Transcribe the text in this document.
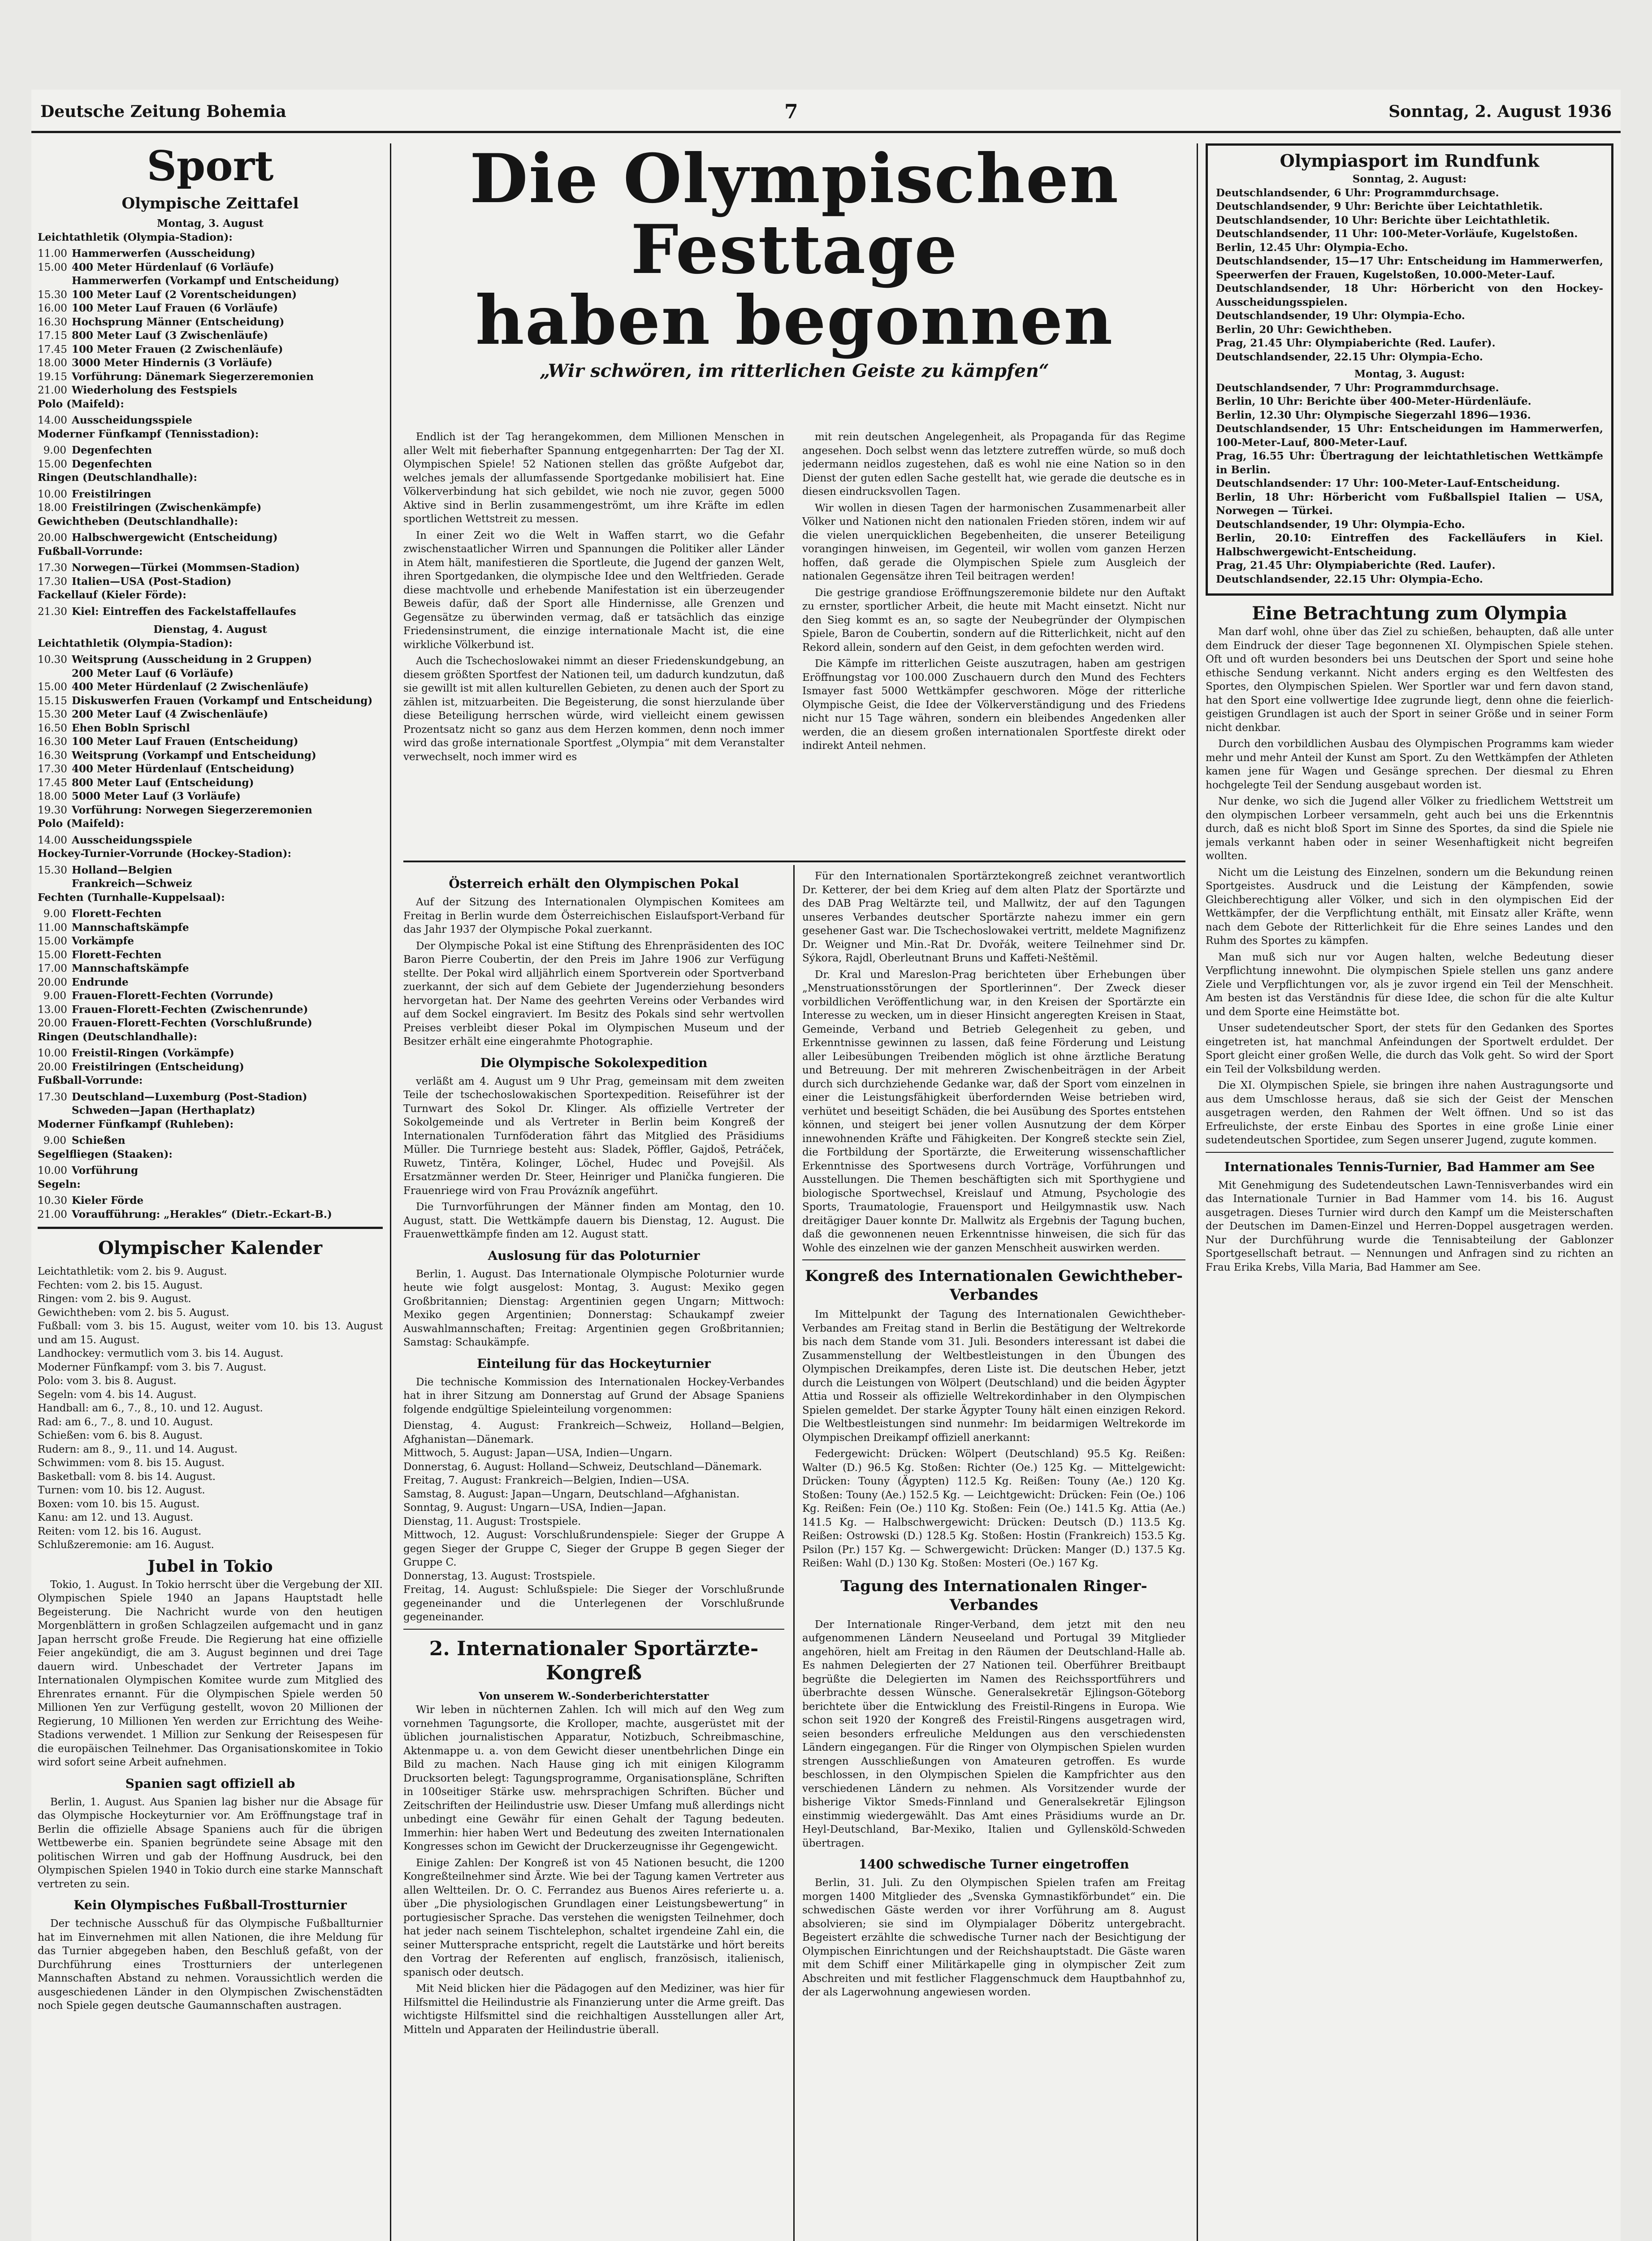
Deutsche Zeitung Bohemia	7	Sonntag, 2. August 1936
Sport
Olympische Zeittafel
Montag, 3. August

Leichtathletik (Olympia-Stadion):

11.00 Hammerwerfen (Ausscheidung)
15.00 400 Meter Hürdenlauf (6 Vorläufe)
Hammerwerfen (Vorkampf und Entscheidung)
15.30 100 Meter Lauf (2 Vorentscheidungen)
16.00 100 Meter Lauf Frauen (6 Vorläufe)
16.30 Hochsprung Männer (Entscheidung)
17.15 800 Meter Lauf (3 Zwischenläufe)
17.45 100 Meter Frauen (2 Zwischenläufe)
18.00 3000 Meter Hindernis (3 Vorläufe)
19.15 Vorführung: Dänemark Siegerzeremonien
21.00 Wiederholung des Festspiels

Polo (Maifeld):

14.00 Ausscheidungsspiele

Moderner Fünfkampf (Tennisstadion):

9.00 Degenfechten
15.00 Degenfechten

Ringen (Deutschlandhalle):

10.00 Freistilringen
18.00 Freistilringen (Zwischenkämpfe)

Gewichtheben (Deutschlandhalle):

20.00 Halbschwergewicht (Entscheidung)

Fußball-Vorrunde:

17.30 Norwegen—Türkei (Mommsen-Stadion)
17.30 Italien—USA (Post-Stadion)

Fackellauf (Kieler Förde):

21.30 Kiel: Eintreffen des Fackelstaffellaufes
Dienstag, 4. August

Leichtathletik (Olympia-Stadion):

10.30 Weitsprung (Ausscheidung in 2 Gruppen)
200 Meter Lauf (6 Vorläufe)
15.00 400 Meter Hürdenlauf (2 Zwischenläufe)
15.15 Diskuswerfen Frauen (Vorkampf und Entscheidung)
15.30 200 Meter Lauf (4 Zwischenläufe)
16.50 Ehen Bobln Sprischl
16.30 100 Meter Lauf Frauen (Entscheidung)
16.30 Weitsprung (Vorkampf und Entscheidung)
17.30 400 Meter Hürdenlauf (Entscheidung)
17.45 800 Meter Lauf (Entscheidung)
18.00 5000 Meter Lauf (3 Vorläufe)
19.30 Vorführung: Norwegen Siegerzeremonien

Polo (Maifeld):

14.00 Ausscheidungsspiele

Hockey-Turnier-Vorrunde (Hockey-Stadion):

15.30 Holland—Belgien
Frankreich—Schweiz

Fechten (Turnhalle-Kuppelsaal):

9.00 Florett-Fechten
11.00 Mannschaftskämpfe
15.00 Vorkämpfe
15.00 Florett-Fechten
17.00 Mannschaftskämpfe
20.00 Endrunde
9.00 Frauen-Florett-Fechten (Vorrunde)
13.00 Frauen-Florett-Fechten (Zwischenrunde)
20.00 Frauen-Florett-Fechten (Vorschlußrunde)

Ringen (Deutschlandhalle):

10.00 Freistil-Ringen (Vorkämpfe)
20.00 Freistilringen (Entscheidung)

Fußball-Vorrunde:

17.30 Deutschland—Luxemburg (Post-Stadion)
Schweden—Japan (Herthaplatz)

Moderner Fünfkampf (Ruhleben):

9.00 Schießen

Segelfliegen (Staaken):

10.00 Vorführung

Segeln:

10.30 Kieler Förde
21.00 Voraufführung: „Herakles“ (Dietr.-Eckart-B.)
Olympischer Kalender

Leichtathletik: vom 2. bis 9. August.

Fechten: vom 2. bis 15. August.

Ringen: vom 2. bis 9. August.

Gewichtheben: vom 2. bis 5. August.

Fußball: vom 3. bis 15. August, weiter vom 10. bis 13. August und am 15. August.

Landhockey: vermutlich vom 3. bis 14. August.

Moderner Fünfkampf: vom 3. bis 7. August.

Polo: vom 3. bis 8. August.

Segeln: vom 4. bis 14. August.

Handball: am 6., 7., 8., 10. und 12. August.

Rad: am 6., 7., 8. und 10. August.

Schießen: vom 6. bis 8. August.

Rudern: am 8., 9., 11. und 14. August.

Schwimmen: vom 8. bis 15. August.

Basketball: vom 8. bis 14. August.

Turnen: vom 10. bis 12. August.

Boxen: vom 10. bis 15. August.

Kanu: am 12. und 13. August.

Reiten: vom 12. bis 16. August.

Schlußzeremonie: am 16. August.

Jubel in Tokio

Tokio, 1. August. In Tokio herrscht über die Vergebung der XII. Olympischen Spiele 1940 an Japans Hauptstadt helle Begeisterung. Die Nachricht wurde von den heutigen Morgenblättern in großen Schlagzeilen aufgemacht und in ganz Japan herrscht große Freude. Die Regierung hat eine offizielle Feier angekündigt, die am 3. August beginnen und drei Tage dauern wird. Unbeschadet der Vertreter Japans im Internationalen Olympischen Komitee wurde zum Mitglied des Ehrenrates ernannt. Für die Olympischen Spiele werden 50 Millionen Yen zur Verfügung gestellt, wovon 20 Millionen der Regierung, 10 Millionen Yen werden zur Errichtung des Weihe-Stadions verwendet. 1 Million zur Senkung der Reisespesen für die europäischen Teilnehmer. Das Organisationskomitee in Tokio wird sofort seine Arbeit aufnehmen.

Spanien sagt offiziell ab

Berlin, 1. August. Aus Spanien lag bisher nur die Absage für das Olympische Hockeyturnier vor. Am Eröffnungstage traf in Berlin die offizielle Absage Spaniens auch für die übrigen Wettbewerbe ein. Spanien begründete seine Absage mit den politischen Wirren und gab der Hoffnung Ausdruck, bei den Olympischen Spielen 1940 in Tokio durch eine starke Mannschaft vertreten zu sein.

Kein Olympisches Fußball-Trostturnier

Der technische Ausschuß für das Olympische Fußballturnier hat im Einvernehmen mit allen Nationen, die ihre Meldung für das Turnier abgegeben haben, den Beschluß gefaßt, von der Durchführung eines Trostturniers der unterlegenen Mannschaften Abstand zu nehmen. Voraussichtlich werden die ausgeschiedenen Länder in den Olympischen Zwischenstädten noch Spiele gegen deutsche Gaumannschaften austragen.

Die Olympischen Festtage
haben begonnen
„Wir schwören, im ritterlichen Geiste zu kämpfen“

Endlich ist der Tag herangekommen, dem Millionen Menschen in aller Welt mit fieberhafter Spannung entgegenharrten: Der Tag der XI. Olympischen Spiele! 52 Nationen stellen das größte Aufgebot dar, welches jemals der allumfassende Sportgedanke mobilisiert hat. Eine Völkerverbindung hat sich gebildet, wie noch nie zuvor, gegen 5000 Aktive sind in Berlin zusammengeströmt, um ihre Kräfte im edlen sportlichen Wettstreit zu messen.

In einer Zeit wo die Welt in Waffen starrt, wo die Gefahr zwischenstaatlicher Wirren und Spannungen die Politiker aller Länder in Atem hält, manifestieren die Sportleute, die Jugend der ganzen Welt, ihren Sportgedanken, die olympische Idee und den Weltfrieden. Gerade diese machtvolle und erhebende Manifestation ist ein überzeugender Beweis dafür, daß der Sport alle Hindernisse, alle Grenzen und Gegensätze zu überwinden vermag, daß er tatsächlich das einzige Friedensinstrument, die einzige internationale Macht ist, die eine wirkliche Völkerbund ist.

Auch die Tschechoslowakei nimmt an dieser Friedenskundgebung, an diesem größten Sportfest der Nationen teil, um dadurch kundzutun, daß sie gewillt ist mit allen kulturellen Gebieten, zu denen auch der Sport zu zählen ist, mitzuarbeiten. Die Begeisterung, die sonst hierzulande über diese Beteiligung herrschen würde, wird vielleicht einem gewissen Prozentsatz nicht so ganz aus dem Herzen kommen, denn noch immer wird das große internationale Sportfest „Olympia“ mit dem Veranstalter verwechselt, noch immer wird es

mit rein deutschen Angelegenheit, als Propaganda für das Regime angesehen. Doch selbst wenn das letztere zutreffen würde, so muß doch jedermann neidlos zugestehen, daß es wohl nie eine Nation so in den Dienst der guten edlen Sache gestellt hat, wie gerade die deutsche es in diesen eindrucksvollen Tagen.

Wir wollen in diesen Tagen der harmonischen Zusammenarbeit aller Völker und Nationen nicht den nationalen Frieden stören, indem wir auf die vielen unerquicklichen Begebenheiten, die unserer Beteiligung vorangingen hinweisen, im Gegenteil, wir wollen vom ganzen Herzen hoffen, daß gerade die Olympischen Spiele zum Ausgleich der nationalen Gegensätze ihren Teil beitragen werden!

Die gestrige grandiose Eröffnungszeremonie bildete nur den Auftakt zu ernster, sportlicher Arbeit, die heute mit Macht einsetzt. Nicht nur den Sieg kommt es an, so sagte der Neubegründer der Olympischen Spiele, Baron de Coubertin, sondern auf die Ritterlichkeit, nicht auf den Rekord allein, sondern auf den Geist, in dem gefochten werden wird.

Die Kämpfe im ritterlichen Geiste auszutragen, haben am gestrigen Eröffnungstag vor 100.000 Zuschauern durch den Mund des Fechters Ismayer fast 5000 Wettkämpfer geschworen. Möge der ritterliche Olympische Geist, die Idee der Völkerverständigung und des Friedens nicht nur 15 Tage währen, sondern ein bleibendes Angedenken aller werden, die an diesem großen internationalen Sportfeste direkt oder indirekt Anteil nehmen.

Österreich erhält den Olympischen Pokal

Auf der Sitzung des Internationalen Olympischen Komitees am Freitag in Berlin wurde dem Österreichischen Eislaufsport-Verband für das Jahr 1937 der Olympische Pokal zuerkannt.

Der Olympische Pokal ist eine Stiftung des Ehrenpräsidenten des IOC Baron Pierre Coubertin, der den Preis im Jahre 1906 zur Verfügung stellte. Der Pokal wird alljährlich einem Sportverein oder Sportverband zuerkannt, der sich auf dem Gebiete der Jugenderziehung besonders hervorgetan hat. Der Name des geehrten Vereins oder Verbandes wird auf dem Sockel eingraviert. Im Besitz des Pokals sind sehr wertvollen Preises verbleibt dieser Pokal im Olympischen Museum und der Besitzer erhält eine eingerahmte Photographie.

Die Olympische Sokolexpedition

verläßt am 4. August um 9 Uhr Prag, gemeinsam mit dem zweiten Teile der tschechoslowakischen Sportexpedition. Reiseführer ist der Turnwart des Sokol Dr. Klinger. Als offizielle Vertreter der Sokolgemeinde und als Vertreter in Berlin beim Kongreß der Internationalen Turnföderation fährt das Mitglied des Präsidiums Müller. Die Turnriege besteht aus: Sladek, Pöffler, Gajdoš, Petráček, Ruwetz, Tintěra, Kolinger, Löchel, Hudec und Povejšil. Als Ersatzmänner werden Dr. Steer, Heinriger und Planička fungieren. Die Frauenriege wird von Frau Provázník angeführt.

Die Turnvorführungen der Männer finden am Montag, den 10. August, statt. Die Wettkämpfe dauern bis Dienstag, 12. August. Die Frauenwettkämpfe finden am 12. August statt.

Auslosung für das Poloturnier

Berlin, 1. August. Das Internationale Olympische Poloturnier wurde heute wie folgt ausgelost: Montag, 3. August: Mexiko gegen Großbritannien; Dienstag: Argentinien gegen Ungarn; Mittwoch: Mexiko gegen Argentinien; Donnerstag: Schaukampf zweier Auswahlmannschaften; Freitag: Argentinien gegen Großbritannien; Samstag: Schaukämpfe.

Einteilung für das Hockeyturnier

Die technische Kommission des Internationalen Hockey-Verbandes hat in ihrer Sitzung am Donnerstag auf Grund der Absage Spaniens folgende endgültige Spieleinteilung vorgenommen:

Dienstag, 4. August: Frankreich—Schweiz, Holland—Belgien, Afghanistan—Dänemark.

Mittwoch, 5. August: Japan—USA, Indien—Ungarn.

Donnerstag, 6. August: Holland—Schweiz, Deutschland—Dänemark.

Freitag, 7. August: Frankreich—Belgien, Indien—USA.

Samstag, 8. August: Japan—Ungarn, Deutschland—Afghanistan.

Sonntag, 9. August: Ungarn—USA, Indien—Japan.

Dienstag, 11. August: Trostspiele.

Mittwoch, 12. August: Vorschlußrundenspiele: Sieger der Gruppe A gegen Sieger der Gruppe C, Sieger der Gruppe B gegen Sieger der Gruppe C.

Donnerstag, 13. August: Trostspiele.

Freitag, 14. August: Schlußspiele: Die Sieger der Vorschlußrunde gegeneinander und die Unterlegenen der Vorschlußrunde gegeneinander.

2. Internationaler Sportärzte-Kongreß
Von unserem W.-Sonderberichterstatter

Wir leben in nüchternen Zahlen. Ich will mich auf den Weg zum vornehmen Tagungsorte, die Krolloper, machte, ausgerüstet mit der üblichen journalistischen Apparatur, Notizbuch, Schreibmaschine, Aktenmappe u. a. von dem Gewicht dieser unentbehrlichen Dinge ein Bild zu machen. Nach Hause ging ich mit einigen Kilogramm Drucksorten belegt: Tagungsprogramme, Organisationspläne, Schriften in 100seitiger Stärke usw. mehrsprachigen Schriften. Bücher und Zeitschriften der Heilindustrie usw. Dieser Umfang muß allerdings nicht unbedingt eine Gewähr für einen Gehalt der Tagung bedeuten. Immerhin: hier haben Wert und Bedeutung des zweiten Internationalen Kongresses schon im Gewicht der Druckerzeugnisse ihr Gegengewicht.

Einige Zahlen: Der Kongreß ist von 45 Nationen besucht, die 1200 Kongreßteilnehmer sind Ärzte. Wie bei der Tagung kamen Vertreter aus allen Weltteilen. Dr. O. C. Ferrandez aus Buenos Aires referierte u. a. über „Die physiologischen Grundlagen einer Leistungsbewertung“ in portugiesischer Sprache. Das verstehen die wenigsten Teilnehmer, doch hat jeder nach seinem Tischtelephon, schaltet irgendeine Zahl ein, die seiner Muttersprache entspricht, regelt die Lautstärke und hört bereits den Vortrag der Referenten auf englisch, französisch, italienisch, spanisch oder deutsch.

Mit Neid blicken hier die Pädagogen auf den Mediziner, was hier für Hilfsmittel die Heilindustrie als Finanzierung unter die Arme greift. Das wichtigste Hilfsmittel sind die reichhaltigen Ausstellungen aller Art, Mitteln und Apparaten der Heilindustrie überall.

Für den Internationalen Sportärztekongreß zeichnet verantwortlich Dr. Ketterer, der bei dem Krieg auf dem alten Platz der Sportärzte und des DAB Prag Weltärzte teil, und Mallwitz, der auf den Tagungen unseres Verbandes deutscher Sportärzte nahezu immer ein gern gesehener Gast war. Die Tschechoslowakei vertritt, meldete Magnifizenz Dr. Weigner und Min.-Rat Dr. Dvořák, weitere Teilnehmer sind Dr. Sýkora, Rajdl, Oberleutnant Bruns und Kaffeti-Neštěmil.

Dr. Kral und Mareslon-Prag berichteten über Erhebungen über „Menstruationsstörungen der Sportlerinnen“. Der Zweck dieser vorbildlichen Veröffentlichung war, in den Kreisen der Sportärzte ein Interesse zu wecken, um in dieser Hinsicht angeregten Kreisen in Staat, Gemeinde, Verband und Betrieb Gelegenheit zu geben, und Erkenntnisse gewinnen zu lassen, daß feine Förderung und Leistung aller Leibesübungen Treibenden möglich ist ohne ärztliche Beratung und Betreuung. Der mit mehreren Zwischenbeiträgen in der Arbeit durch sich durchziehende Gedanke war, daß der Sport vom einzelnen in einer die Leistungsfähigkeit überfordernden Weise betrieben wird, verhütet und beseitigt Schäden, die bei Ausübung des Sportes entstehen können, und steigert bei jener vollen Ausnutzung der dem Körper innewohnenden Kräfte und Fähigkeiten. Der Kongreß steckte sein Ziel, die Fortbildung der Sportärzte, die Erweiterung wissenschaftlicher Erkenntnisse des Sportwesens durch Vorträge, Vorführungen und Ausstellungen. Die Themen beschäftigten sich mit Sporthygiene und biologische Sportwechsel, Kreislauf und Atmung, Psychologie des Sports, Traumatologie, Frauensport und Heilgymnastik usw. Nach dreitägiger Dauer konnte Dr. Mallwitz als Ergebnis der Tagung buchen, daß die gewonnenen neuen Erkenntnisse hinweisen, die sich für das Wohle des einzelnen wie der ganzen Menschheit auswirken werden.

Kongreß des Internationalen Gewichtheber-Verbandes

Im Mittelpunkt der Tagung des Internationalen Gewichtheber-Verbandes am Freitag stand in Berlin die Bestätigung der Weltrekorde bis nach dem Stande vom 31. Juli. Besonders interessant ist dabei die Zusammenstellung der Weltbestleistungen in den Übungen des Olympischen Dreikampfes, deren Liste ist. Die deutschen Heber, jetzt durch die Leistungen von Wölpert (Deutschland) und die beiden Ägypter Attia und Rosseir als offizielle Weltrekordinhaber in den Olympischen Spielen gemeldet. Der starke Ägypter Touny hält einen einzigen Rekord. Die Weltbestleistungen sind nunmehr: Im beidarmigen Weltrekorde im Olympischen Dreikampf offiziell anerkannt:

Federgewicht: Drücken: Wölpert (Deutschland) 95.5 Kg. Reißen: Walter (D.) 96.5 Kg. Stoßen: Richter (Oe.) 125 Kg. — Mittelgewicht: Drücken: Touny (Ägypten) 112.5 Kg. Reißen: Touny (Ae.) 120 Kg. Stoßen: Touny (Ae.) 152.5 Kg. — Leichtgewicht: Drücken: Fein (Oe.) 106 Kg. Reißen: Fein (Oe.) 110 Kg. Stoßen: Fein (Oe.) 141.5 Kg. Attia (Ae.) 141.5 Kg. — Halbschwergewicht: Drücken: Deutsch (D.) 113.5 Kg. Reißen: Ostrowski (D.) 128.5 Kg. Stoßen: Hostin (Frankreich) 153.5 Kg. Psilon (Pr.) 157 Kg. — Schwergewicht: Drücken: Manger (D.) 137.5 Kg. Reißen: Wahl (D.) 130 Kg. Stoßen: Mosteri (Oe.) 167 Kg.

Tagung des Internationalen Ringer-Verbandes

Der Internationale Ringer-Verband, dem jetzt mit den neu aufgenommenen Ländern Neuseeland und Portugal 39 Mitglieder angehören, hielt am Freitag in den Räumen der Deutschland-Halle ab. Es nahmen Delegierten der 27 Nationen teil. Oberführer Breitbaupt begrüßte die Delegierten im Namen des Reichssportführers und überbrachte dessen Wünsche. Generalsekretär Ejlingson-Göteborg berichtete über die Entwicklung des Freistil-Ringens in Europa. Wie schon seit 1920 der Kongreß des Freistil-Ringens ausgetragen wird, seien besonders erfreuliche Meldungen aus den verschiedensten Ländern eingegangen. Für die Ringer von Olympischen Spielen wurden strengen Ausschließungen von Amateuren getroffen. Es wurde beschlossen, in den Olympischen Spielen die Kampfrichter aus den verschiedenen Ländern zu nehmen. Als Vorsitzender wurde der bisherige Viktor Smeds-Finnland und Generalsekretär Ejlingson einstimmig wiedergewählt. Das Amt eines Präsidiums wurde an Dr. Heyl-Deutschland, Bar-Mexiko, Italien und Gyllensköld-Schweden übertragen.

1400 schwedische Turner eingetroffen

Berlin, 31. Juli. Zu den Olympischen Spielen trafen am Freitag morgen 1400 Mitglieder des „Svenska Gymnastikförbundet“ ein. Die schwedischen Gäste werden vor ihrer Vorführung am 8. August absolvieren; sie sind im Olympialager Döberitz untergebracht. Begeistert erzählte die schwedische Turner nach der Besichtigung der Olympischen Einrichtungen und der Reichshauptstadt. Die Gäste waren mit dem Schiff einer Militärkapelle ging in olympischer Zeit zum Abschreiten und mit festlicher Flaggenschmuck dem Hauptbahnhof zu, der als Lagerwohnung angewiesen worden.

Olympiasport im Rundfunk
Sonntag, 2. August:

Deutschlandsender, 6 Uhr: Programmdurchsage.

Deutschlandsender, 9 Uhr: Berichte über Leichtathletik.

Deutschlandsender, 10 Uhr: Berichte über Leichtathletik.

Deutschlandsender, 11 Uhr: 100-Meter-Vorläufe, Kugelstoßen.

Berlin, 12.45 Uhr: Olympia-Echo.

Deutschlandsender, 15—17 Uhr: Entscheidung im Hammerwerfen, Speerwerfen der Frauen, Kugelstoßen, 10.000-Meter-Lauf.

Deutschlandsender, 18 Uhr: Hörbericht von den Hockey-Ausscheidungsspielen.

Deutschlandsender, 19 Uhr: Olympia-Echo.

Berlin, 20 Uhr: Gewichtheben.

Prag, 21.45 Uhr: Olympiaberichte (Red. Laufer).

Deutschlandsender, 22.15 Uhr: Olympia-Echo.

Montag, 3. August:

Deutschlandsender, 7 Uhr: Programmdurchsage.

Berlin, 10 Uhr: Berichte über 400-Meter-Hürdenläufe.

Berlin, 12.30 Uhr: Olympische Siegerzahl 1896—1936.

Deutschlandsender, 15 Uhr: Entscheidungen im Hammerwerfen, 100-Meter-Lauf, 800-Meter-Lauf.

Prag, 16.55 Uhr: Übertragung der leichtathletischen Wettkämpfe in Berlin.

Deutschlandsender: 17 Uhr: 100-Meter-Lauf-Entscheidung.

Berlin, 18 Uhr: Hörbericht vom Fußballspiel Italien — USA, Norwegen — Türkei.

Deutschlandsender, 19 Uhr: Olympia-Echo.

Berlin, 20.10: Eintreffen des Fackelläufers in Kiel. Halbschwergewicht-Entscheidung.

Prag, 21.45 Uhr: Olympiaberichte (Red. Laufer).

Deutschlandsender, 22.15 Uhr: Olympia-Echo.

Eine Betrachtung zum Olympia

Man darf wohl, ohne über das Ziel zu schießen, behaupten, daß alle unter dem Eindruck der dieser Tage begonnenen XI. Olympischen Spiele stehen. Oft und oft wurden besonders bei uns Deutschen der Sport und seine hohe ethische Sendung verkannt. Nicht anders erging es den Weltfesten des Sportes, den Olympischen Spielen. Wer Sportler war und fern davon stand, hat den Sport eine vollwertige Idee zugrunde liegt, denn ohne die feierlich-geistigen Grundlagen ist auch der Sport in seiner Größe und in seiner Form nicht denkbar.

Durch den vorbildlichen Ausbau des Olympischen Programms kam wieder mehr und mehr Anteil der Kunst am Sport. Zu den Wettkämpfen der Athleten kamen jene für Wagen und Gesänge sprechen. Der diesmal zu Ehren hochgelegte Teil der Sendung ausgebaut worden ist.

Nur denke, wo sich die Jugend aller Völker zu friedlichem Wettstreit um den olympischen Lorbeer versammeln, geht auch bei uns die Erkenntnis durch, daß es nicht bloß Sport im Sinne des Sportes, da sind die Spiele nie jemals verkannt haben oder in seiner Wesenhaftigkeit nicht begreifen wollten.

Nicht um die Leistung des Einzelnen, sondern um die Bekundung reinen Sportgeistes. Ausdruck und die Leistung der Kämpfenden, sowie Gleichberechtigung aller Völker, und sich in den olympischen Eid der Wettkämpfer, der die Verpflichtung enthält, mit Einsatz aller Kräfte, wenn nach dem Gebote der Ritterlichkeit für die Ehre seines Landes und den Ruhm des Sportes zu kämpfen.

Man muß sich nur vor Augen halten, welche Bedeutung dieser Verpflichtung innewohnt. Die olympischen Spiele stellen uns ganz andere Ziele und Verpflichtungen vor, als je zuvor irgend ein Teil der Menschheit. Am besten ist das Verständnis für diese Idee, die schon für die alte Kultur und dem Sporte eine Heimstätte bot.

Unser sudetendeutscher Sport, der stets für den Gedanken des Sportes eingetreten ist, hat manchmal Anfeindungen der Sportwelt erduldet. Der Sport gleicht einer großen Welle, die durch das Volk geht. So wird der Sport ein Teil der Volksbildung werden.

Die XI. Olympischen Spiele, sie bringen ihre nahen Austragungsorte und aus dem Umschlosse heraus, daß sie sich der Geist der Menschen ausgetragen werden, den Rahmen der Welt öffnen. Und so ist das Erfreulichste, der erste Einbau des Sportes in eine große Linie einer sudetendeutschen Sportidee, zum Segen unserer Jugend, zugute kommen.

Internationales Tennis-Turnier, Bad Hammer am See

Mit Genehmigung des Sudetendeutschen Lawn-Tennisverbandes wird ein das Internationale Turnier in Bad Hammer vom 14. bis 16. August ausgetragen. Dieses Turnier wird durch den Kampf um die Meisterschaften der Deutschen im Damen-Einzel und Herren-Doppel ausgetragen werden. Nur der Durchführung wurde die Tennisabteilung der Gablonzer Sportgesellschaft betraut. — Nennungen und Anfragen sind zu richten an Frau Erika Krebs, Villa Maria, Bad Hammer am See.
